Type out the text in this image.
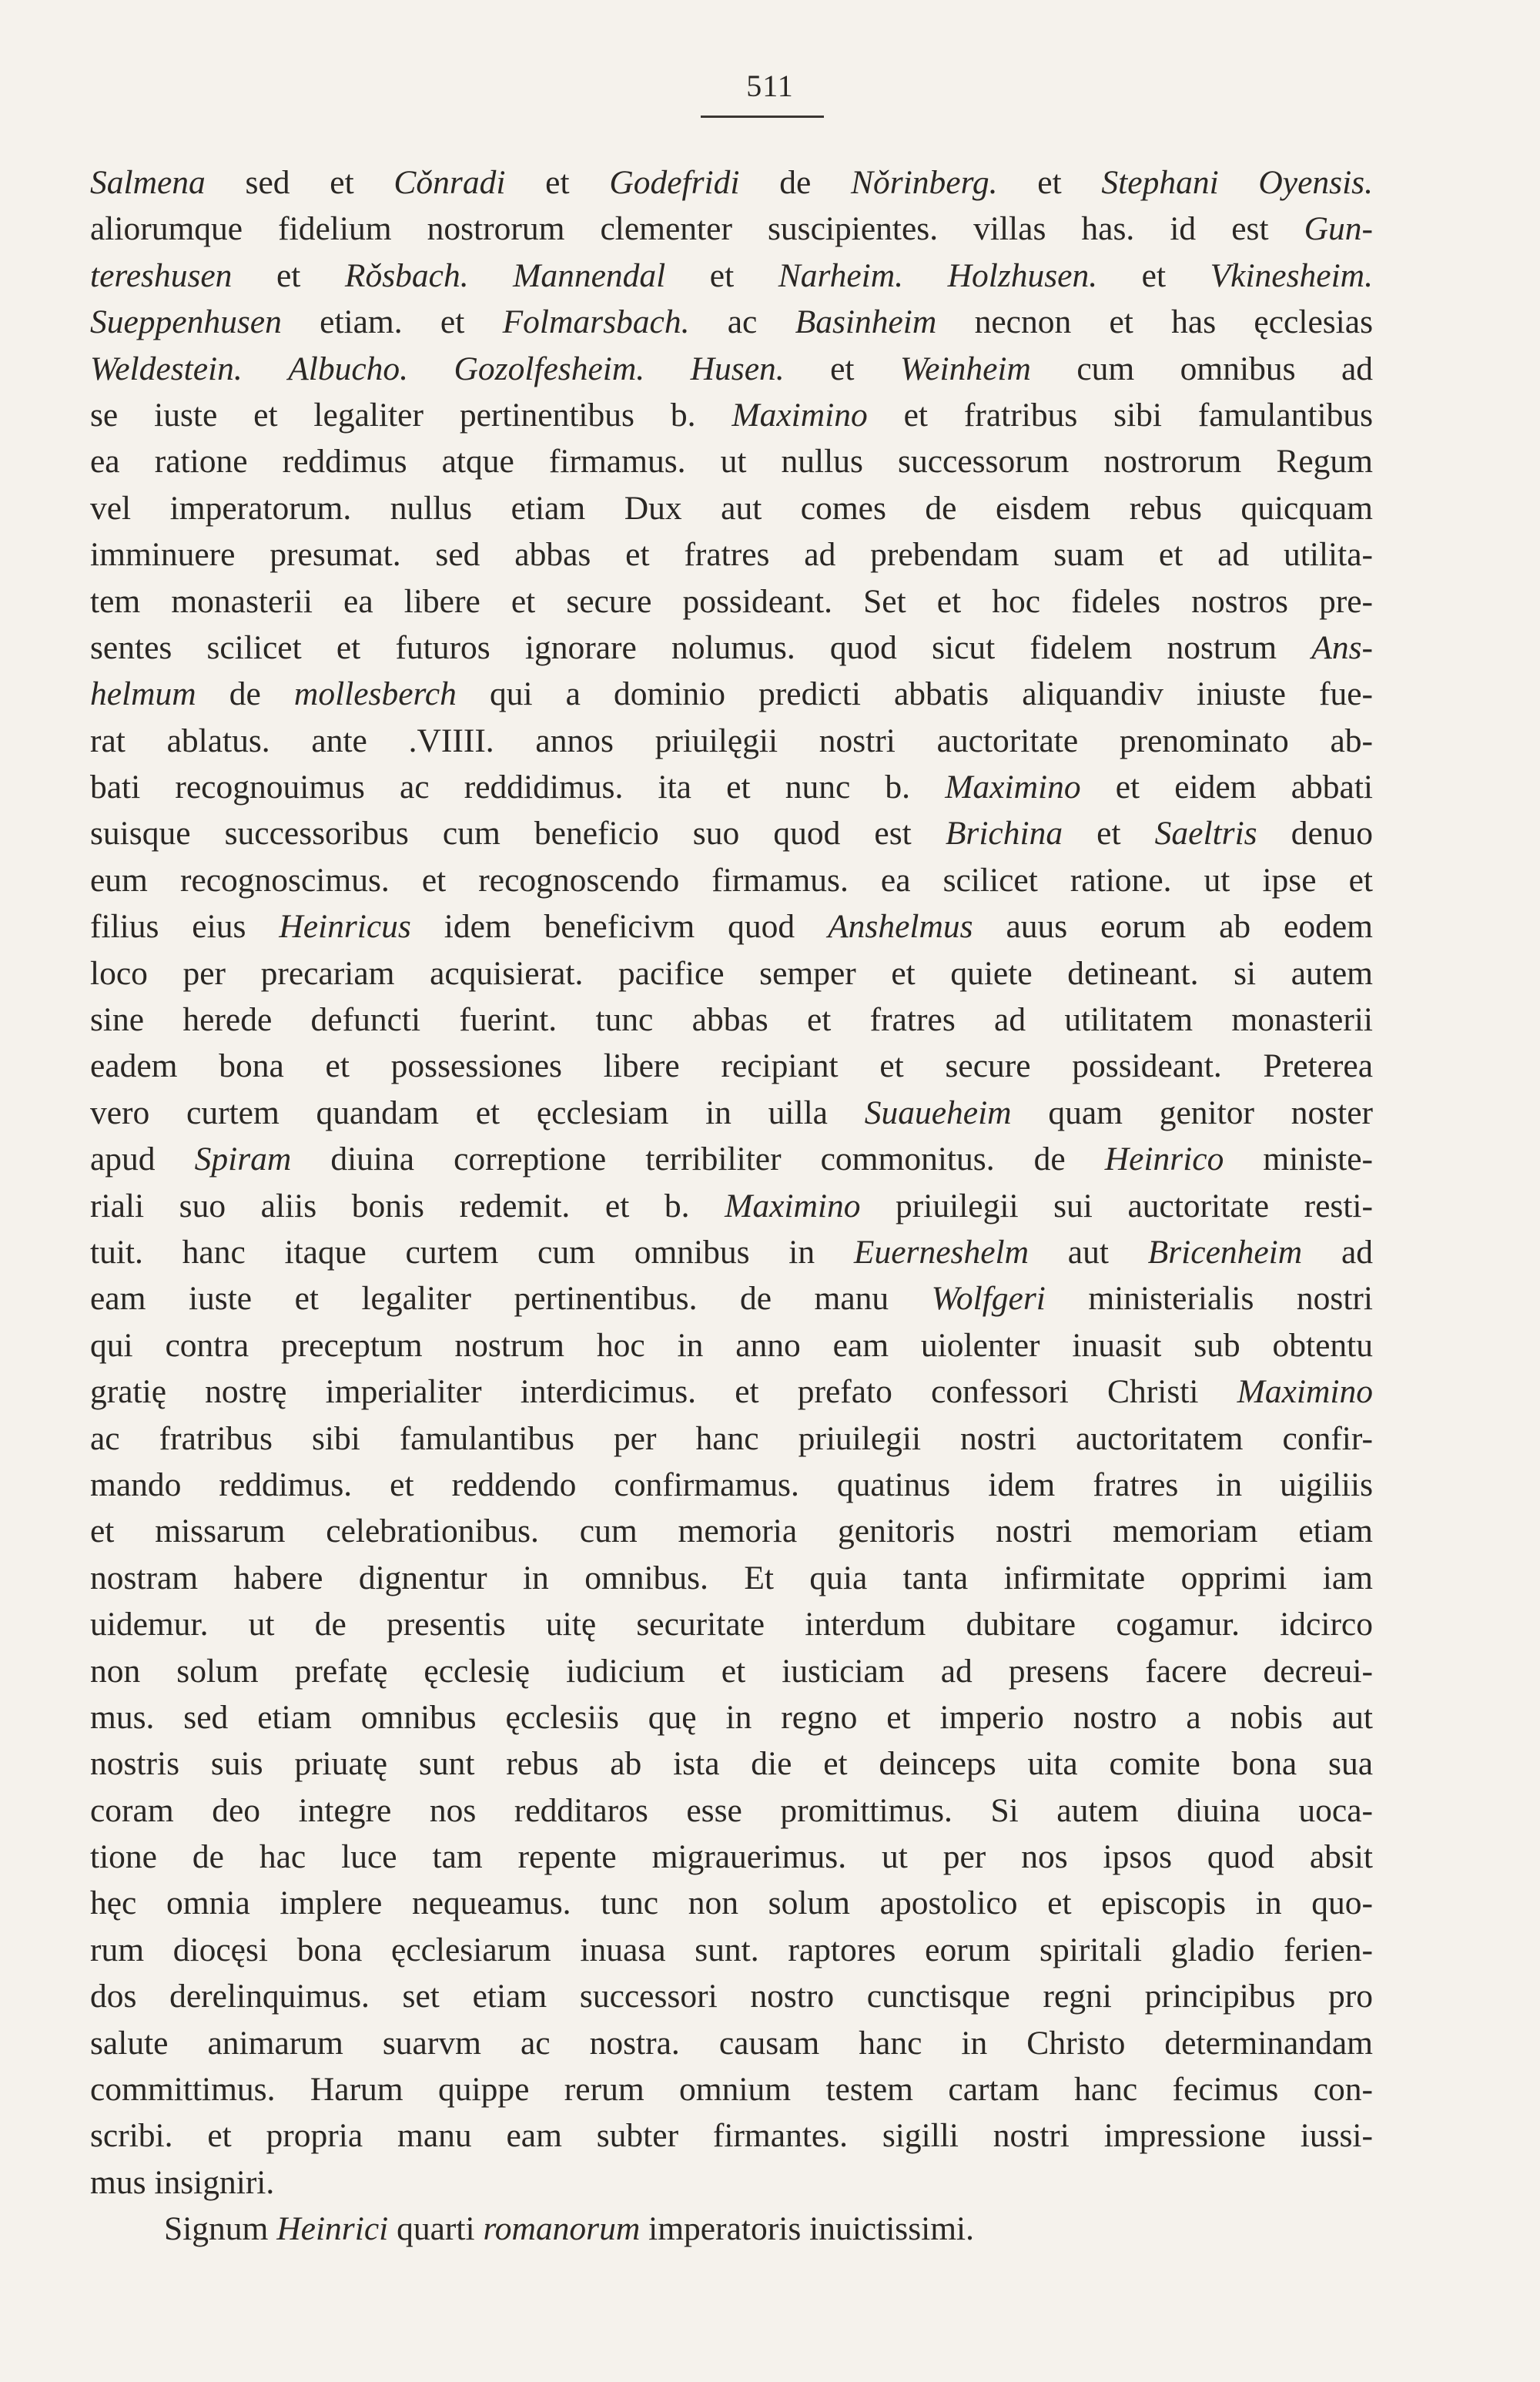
511
Salmena sed et Cǒnradi et Godefridi de Nǒrinberg. et Stephani Oyensis.
aliorumque fidelium nostrorum clementer suscipientes. villas has. id est Gun-
tereshusen et Rǒsbach. Mannendal et Narheim. Holzhusen. et Vkinesheim.
Sueppenhusen etiam. et Folmarsbach. ac Basinheim necnon et has ęcclesias
Weldestein. Albucho. Gozolfesheim. Husen. et Weinheim cum omnibus ad
se iuste et legaliter pertinentibus b. Maximino et fratribus sibi famulantibus
ea ratione reddimus atque firmamus. ut nullus successorum nostrorum Regum
vel imperatorum. nullus etiam Dux aut comes de eisdem rebus quicquam
imminuere presumat. sed abbas et fratres ad prebendam suam et ad utilita-
tem monasterii ea libere et secure possideant. Set et hoc fideles nostros pre-
sentes scilicet et futuros ignorare nolumus. quod sicut fidelem nostrum Ans-
helmum de mollesberch qui a dominio predicti abbatis aliquandiv iniuste fue-
rat ablatus. ante .VIIII. annos priuilęgii nostri auctoritate prenominato ab-
bati recognouimus ac reddidimus. ita et nunc b. Maximino et eidem abbati
suisque successoribus cum beneficio suo quod est Brichina et Saeltris denuo
eum recognoscimus. et recognoscendo firmamus. ea scilicet ratione. ut ipse et
filius eius Heinricus idem beneficivm quod Anshelmus auus eorum ab eodem
loco per precariam acquisierat. pacifice semper et quiete detineant. si autem
sine herede defuncti fuerint. tunc abbas et fratres ad utilitatem monasterii
eadem bona et possessiones libere recipiant et secure possideant. Preterea
vero curtem quandam et ęcclesiam in uilla Suaueheim quam genitor noster
apud Spiram diuina correptione terribiliter commonitus. de Heinrico ministe-
riali suo aliis bonis redemit. et b. Maximino priuilegii sui auctoritate resti-
tuit. hanc itaque curtem cum omnibus in Euerneshelm aut Bricenheim ad
eam iuste et legaliter pertinentibus. de manu Wolfgeri ministerialis nostri
qui contra preceptum nostrum hoc in anno eam uiolenter inuasit sub obtentu
gratię nostrę imperialiter interdicimus. et prefato confessori Christi Maximino
ac fratribus sibi famulantibus per hanc priuilegii nostri auctoritatem confir-
mando reddimus. et reddendo confirmamus. quatinus idem fratres in uigiliis
et missarum celebrationibus. cum memoria genitoris nostri memoriam etiam
nostram habere dignentur in omnibus. Et quia tanta infirmitate opprimi iam
uidemur. ut de presentis uitę securitate interdum dubitare cogamur. idcirco
non solum prefatę ęcclesię iudicium et iusticiam ad presens facere decreui-
mus. sed etiam omnibus ęcclesiis quę in regno et imperio nostro a nobis aut
nostris suis priuatę sunt rebus ab ista die et deinceps uita comite bona sua
coram deo integre nos redditaros esse promittimus. Si autem diuina uoca-
tione de hac luce tam repente migrauerimus. ut per nos ipsos quod absit
hęc omnia implere nequeamus. tunc non solum apostolico et episcopis in quo-
rum diocęsi bona ęcclesiarum inuasa sunt. raptores eorum spiritali gladio ferien-
dos derelinquimus. set etiam successori nostro cunctisque regni principibus pro
salute animarum suarvm ac nostra. causam hanc in Christo determinandam
committimus. Harum quippe rerum omnium testem cartam hanc fecimus con-
scribi. et propria manu eam subter firmantes. sigilli nostri impressione iussi-
mus insigniri.
Signum Heinrici quarti romanorum imperatoris inuictissimi.
